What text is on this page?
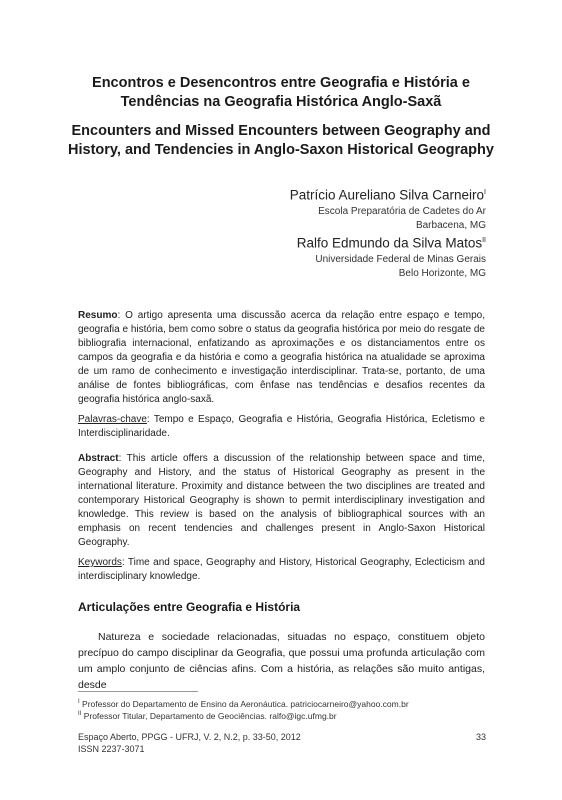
Encontros e Desencontros entre Geografia e História e Tendências na Geografia Histórica Anglo-Saxã
Encounters and Missed Encounters between Geography and History, and Tendencies in Anglo-Saxon Historical Geography
Patrício Aureliano Silva Carneiro$^I$
Escola Preparatória de Cadetes do Ar
Barbacena, MG
Ralfo Edmundo da Silva Matos$^{II}$
Universidade Federal de Minas Gerais
Belo Horizonte, MG
Resumo: O artigo apresenta uma discussão acerca da relação entre espaço e tempo, geografia e história, bem como sobre o status da geografia histórica por meio do resgate de bibliografia internacional, enfatizando as aproximações e os distanciamentos entre os campos da geografia e da história e como a geografia histórica na atualidade se aproxima de um ramo de conhecimento e investigação interdisciplinar. Trata-se, portanto, de uma análise de fontes bibliográficas, com ênfase nas tendências e desafios recentes da geografia histórica anglo-saxã.
Palavras-chave: Tempo e Espaço, Geografia e História, Geografia Histórica, Ecletismo e Interdisciplinaridade.
Abstract: This article offers a discussion of the relationship between space and time, Geography and History, and the status of Historical Geography as present in the international literature. Proximity and distance between the two disciplines are treated and contemporary Historical Geography is shown to permit interdisciplinary investigation and knowledge. This review is based on the analysis of bibliographical sources with an emphasis on recent tendencies and challenges present in Anglo-Saxon Historical Geography.
Keywords: Time and space, Geography and History, Historical Geography, Eclecticism and interdisciplinary knowledge.
Articulações entre Geografia e História
Natureza e sociedade relacionadas, situadas no espaço, constituem objeto precípuo do campo disciplinar da Geografia, que possui uma profunda articulação com um amplo conjunto de ciências afins. Com a história, as relações são muito antigas, desde
$^I$ Professor do Departamento de Ensino da Aeronáutica. patriciocarneiro@yahoo.com.br
$^{II}$ Professor Titular, Departamento de Geociências. ralfo@igc.ufmg.br
Espaço Aberto, PPGG - UFRJ, V. 2, N.2, p. 33-50, 2012
ISSN 2237-3071
33
